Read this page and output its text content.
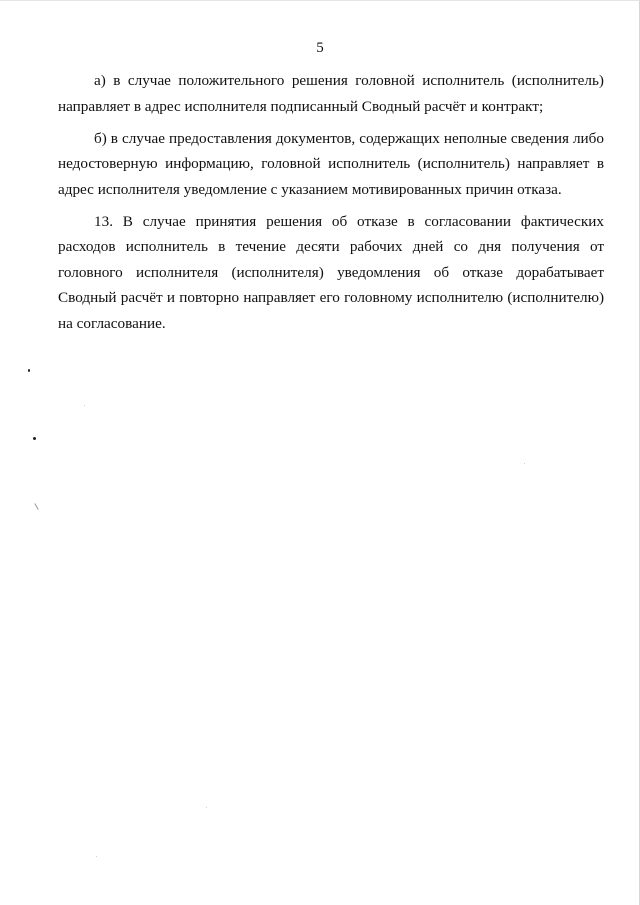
5

а) в случае положительного решения головной исполнитель (исполнитель) направляет в адрес исполнителя подписанный Сводный расчёт и контракт;

б) в случае предоставления документов, содержащих неполные сведения либо недостоверную информацию, головной исполнитель (исполнитель) направляет в адрес исполнителя уведомление с указанием мотивированных причин отказа.

13. В случае принятия решения об отказе в согласовании фактических расходов исполнитель в течение десяти рабочих дней со дня получения от головного исполнителя (исполнителя) уведомления об отказе дорабатывает Сводный расчёт и повторно направляет его головному исполнителю (исполнителю) на согласование.
